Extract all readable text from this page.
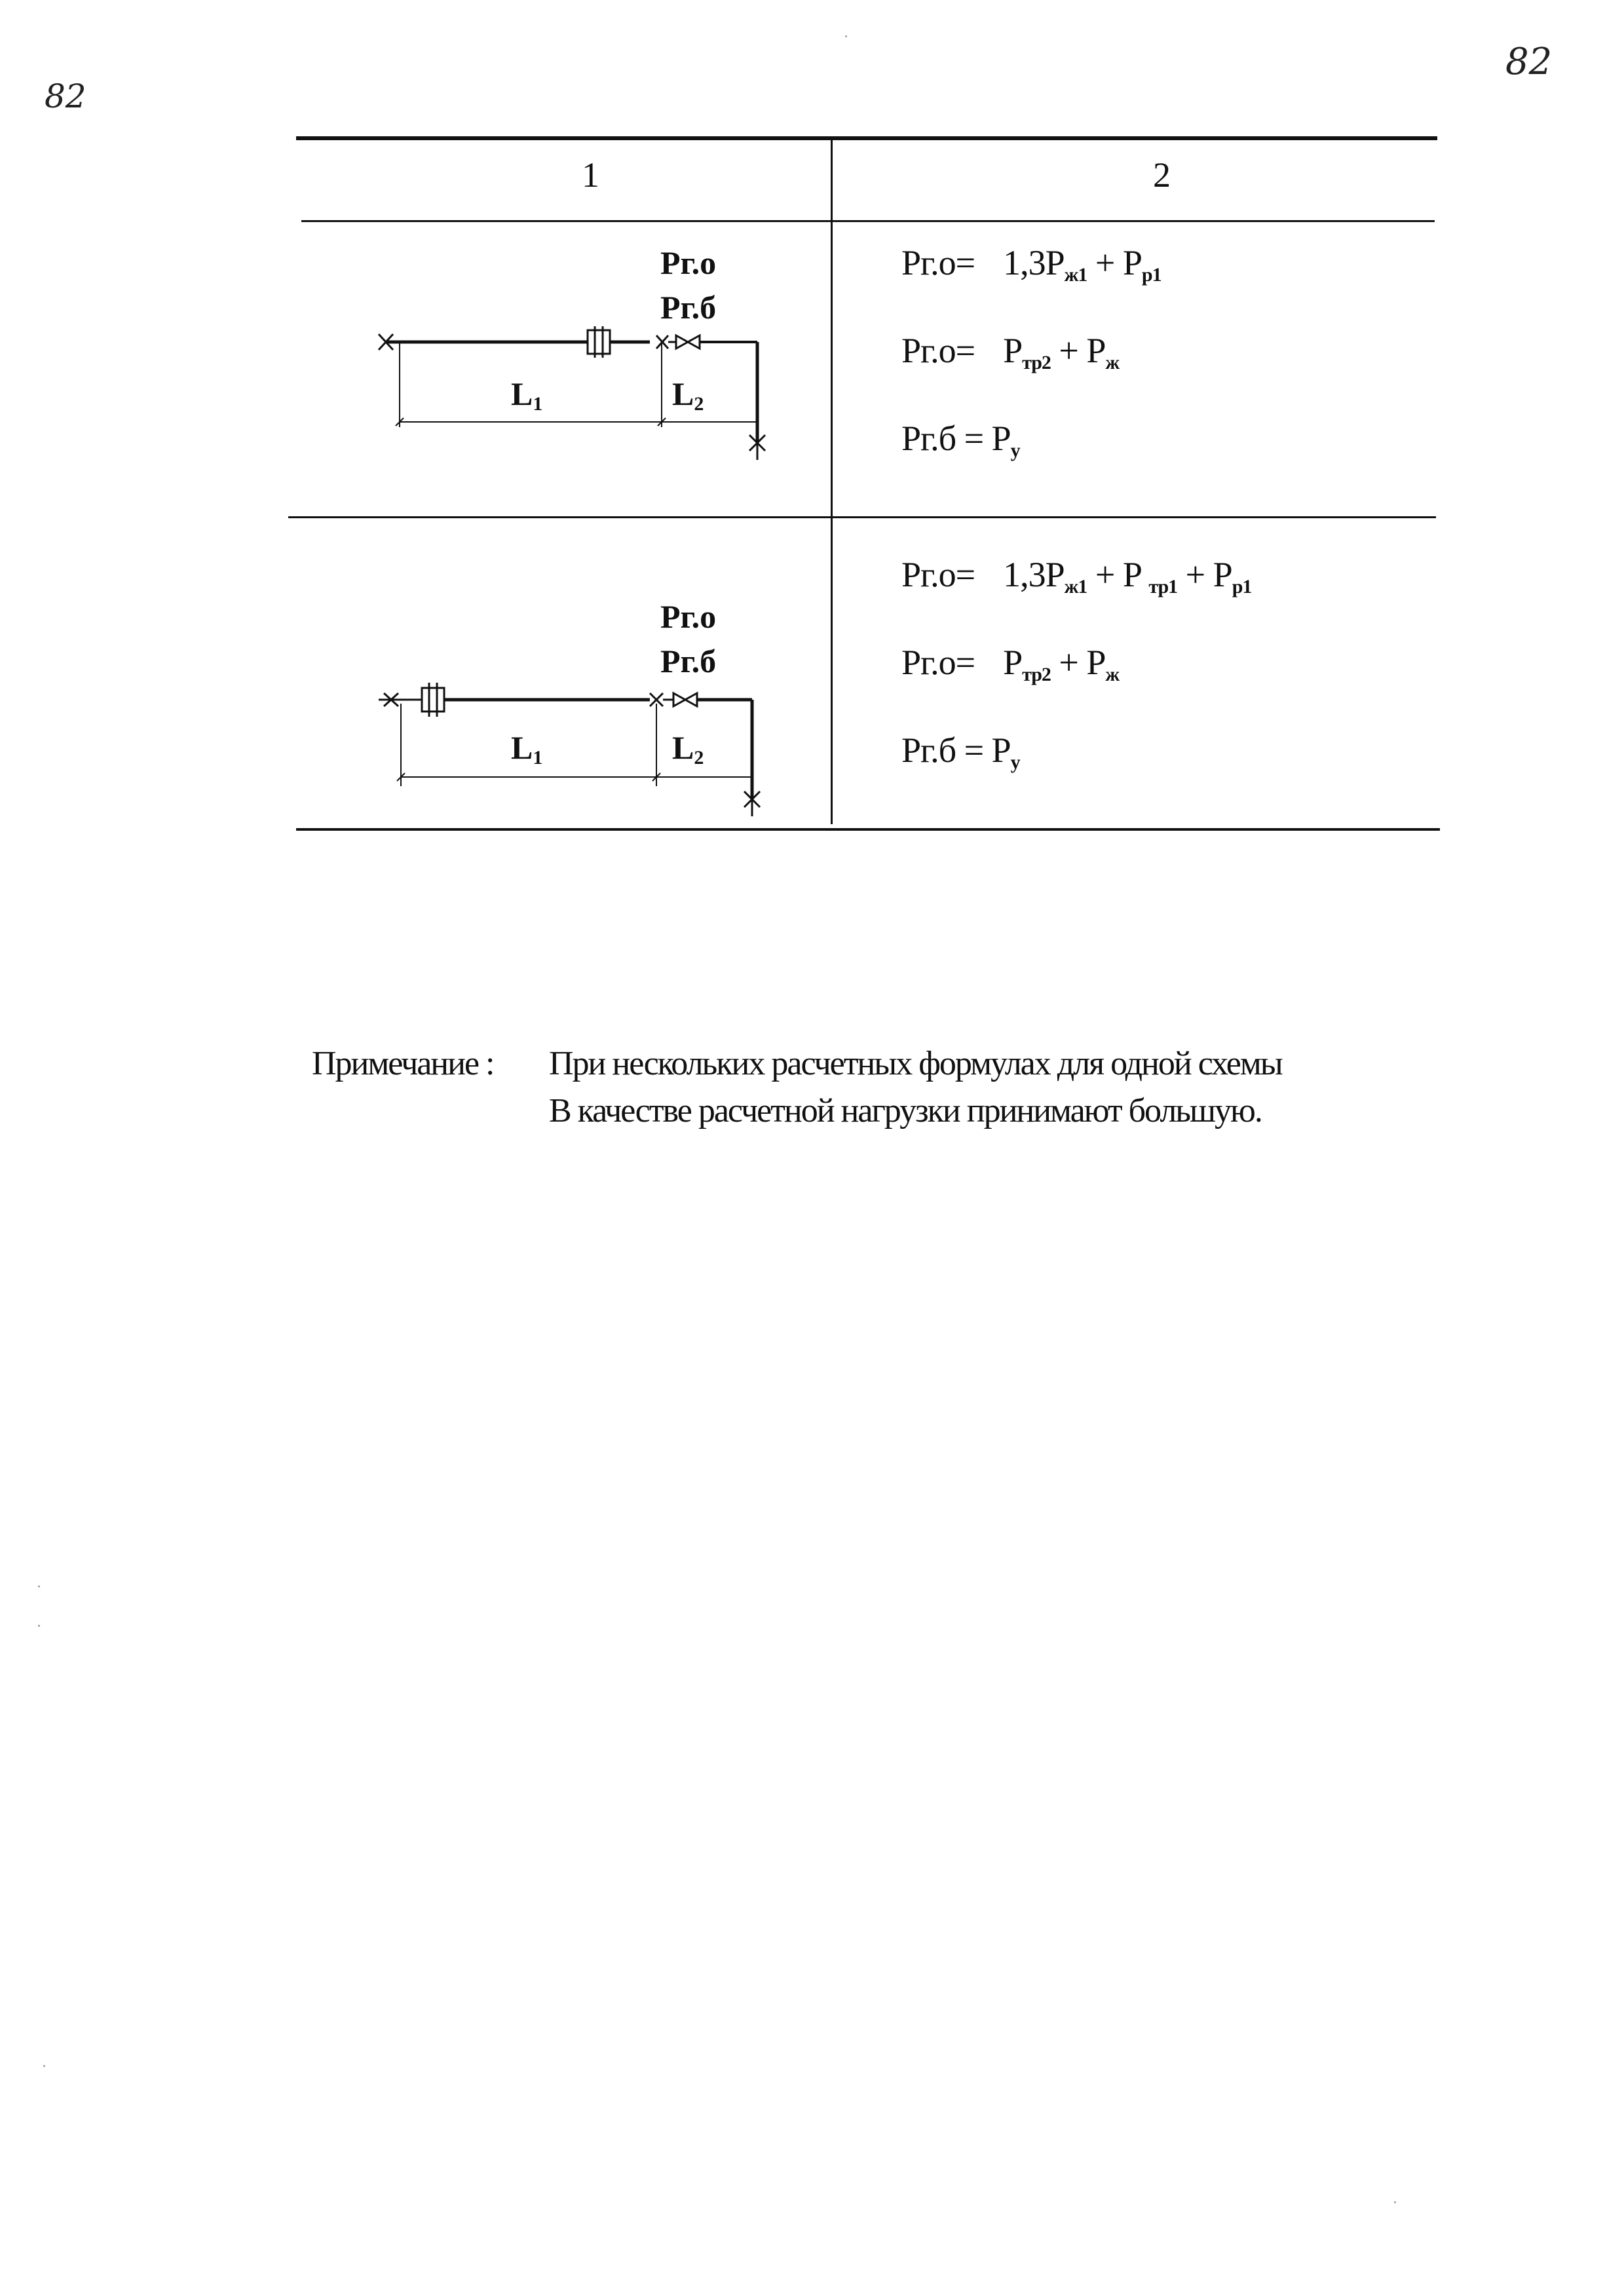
82
82
1	2
Рг.о
Рг.б
L1	L2
$Рг.о= 1,3P_{ж1} + P_{р1}$
$Рг.о= P_{тр2} + P_ж$
$Рг.б = P_у$
Рг.о
Рг.б
L1	L2
$Рг.о= 1,3P_{ж1} + P$ $_{тр1} + P_{р1}$
$Рг.о= P_{тр2} + P_ж$
$Рг.б = P_у$
Примечание : При нескольких расчетных формулах для одной схемы
В качестве расчетной нагрузки принимают большую.
